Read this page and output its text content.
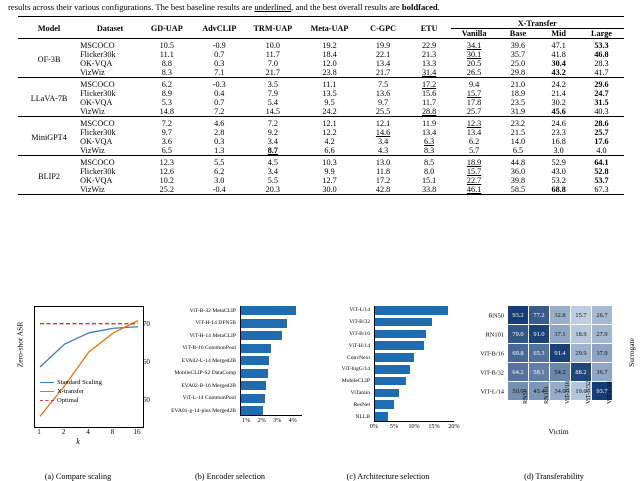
results across their various configurations. The best baseline results are underlined, and the best overall results are boldfaced.

Model	Dataset	GD-UAP	AdvCLIP	TRM-UAP	Meta-UAP	C-GPC	ETU	X-Transfer			
								Vanilla	Base	Mid	Large

OF-3B	MSCOCO	10.5	-0.9	10.0	19.2	19.9	22.9	34.1	39.6	47.1	53.3
	Flicker30k	11.1	0.7	11.7	18.4	22.1	21.3	30.1	35.7	41.8	46.8
	OK-VQA	8.8	0.3	7.0	12.0	13.4	13.3	20.5	25.0	30.4	28.3
	VizWiz	8.3	7.1	21.7	23.8	21.7	31.4	26.5	29.8	43.2	41.7

LLaVA-7B	MSCOCO	6.2	-0.3	3.5	11.1	7.5	17.2	9.4	21.0	24.2	29.6
	Flicker30k	8.9	0.4	7.9	13.5	13.6	15.6	15.7	18.9	21.4	24.7
	OK-VQA	5.3	0.7	5.4	9.5	9.7	11.7	17.8	23.5	30.2	31.5
	VizWiz	14.8	7.2	14.5	24.2	25.5	28.8	25.7	31.9	45.6	40.3

MiniGPT4	MSCOCO	7.2	4.6	7.2	12.1	12.1	11.9	12.3	23.2	24.6	28.6
	Flicker30k	9.7	2.8	9.2	12.2	14.6	13.4	13.4	21.5	23.3	25.7
	OK-VQA	3.6	0.3	3.4	4.2	3.4	6.3	6.2	14.0	16.8	17.6
	VizWiz	6.5	1.3	8.7	6.6	4.3	8.3	5.7	6.5	3.0	4.0

BLIP2	MSCOCO	12.3	5.5	4.5	10.3	13.0	8.5	18.9	44.8	52.9	64.1
	Flicker30k	12.6	6.2	3.4	9.9	11.8	8.0	15.7	36.0	43.0	52.8
	OK-VQA	10.2	3.0	5.5	12.7	17.2	15.1	22.7	39.8	53.2	53.7
	VizWiz	25.2	-0.4	20.3	30.0	42.8	33.8	46.1	58.5	68.8	67.3

Zero-shot ASR
50
60
70
1	2	4	8	16
k
Standard Scaling
X-transfer
Optimal
(a) Compare scaling
ViT-B-32 MetaCLIP
ViT-H-14 DFN5B
ViT-H-14 MetaCLIP
ViT-B-16 CommonPool
EVA02-L-14 Merged2B
MobileCLIP-S2 DataComp
EVA02-B-16 Merged2B
ViT-L-14 CommonPool
EVA01-g-14-plus Merged2B
1% 2% 3% 4%
(b) Encoder selection
ViT-L/14
ViT-B/32
ViT-B/16
ViT-H/14
ConvNext
ViT-bigG/14
MobileCLIP
ViTamin
ResNet
NLLB
0% 5% 10% 15% 20%
(c) Architecture selection
RN50	93.2	77.2	32.8	15.7	26.7
RN101	79.0	91.0	37.1	18.9	27.9
ViT-B/16	69.8	65.3	91.4	29.9	37.9
ViT-B/32	64.2	58.1	54.2	88.2	36.7
ViT-L/14	50.0	45.4	34.0	19.6	93.7
RN50 RN101 ViT-B/16 ViT-B/32 ViT-L/14
Surrogate
Victim
(d) Transferability
